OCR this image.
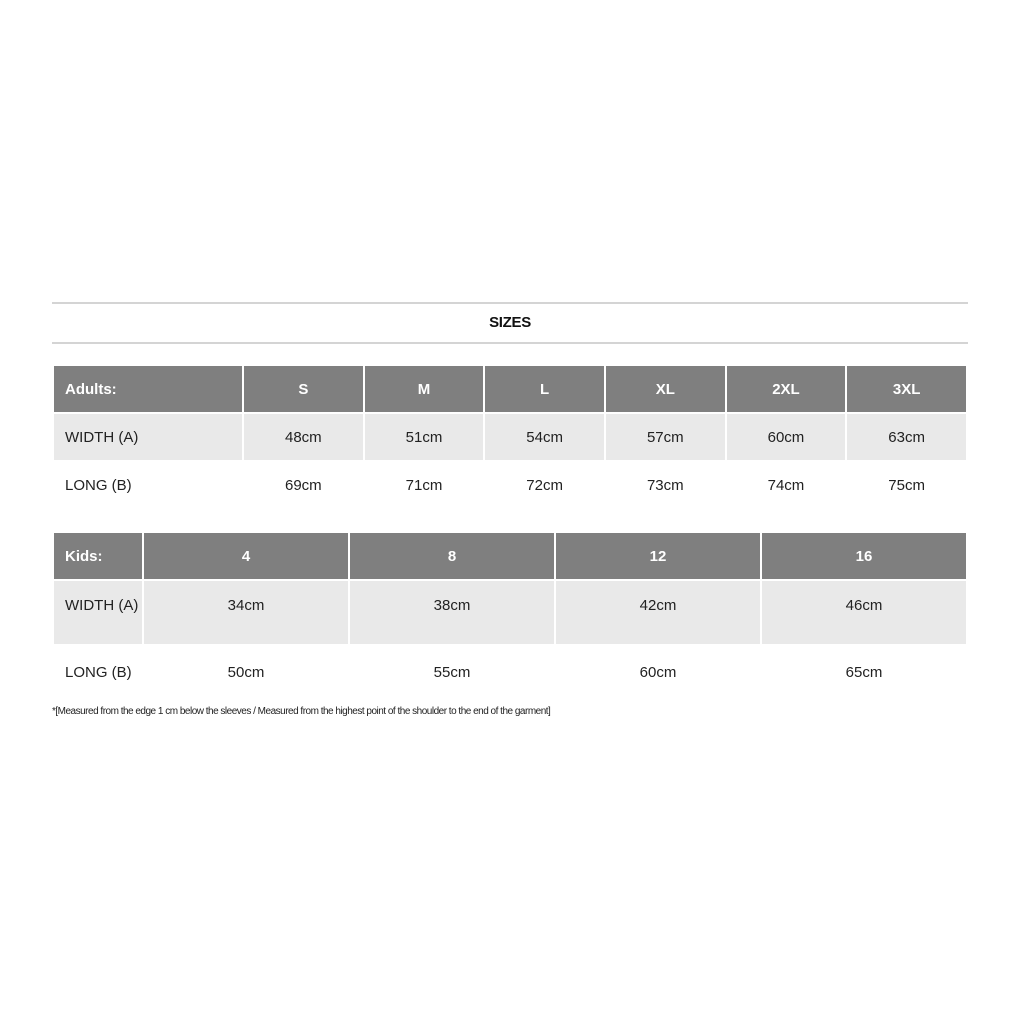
SIZES
Adults:	S	M	L	XL	2XL	3XL
WIDTH (A)	48cm	51cm	54cm	57cm	60cm	63cm
LONG (B)	69cm	71cm	72cm	73cm	74cm	75cm
Kids:	4	8	12	16
WIDTH (A)	34cm	38cm	42cm	46cm
LONG (B)	50cm	55cm	60cm	65cm
*[Measured from the edge 1 cm below the sleeves / Measured from the highest point of the shoulder to the end of the garment]
